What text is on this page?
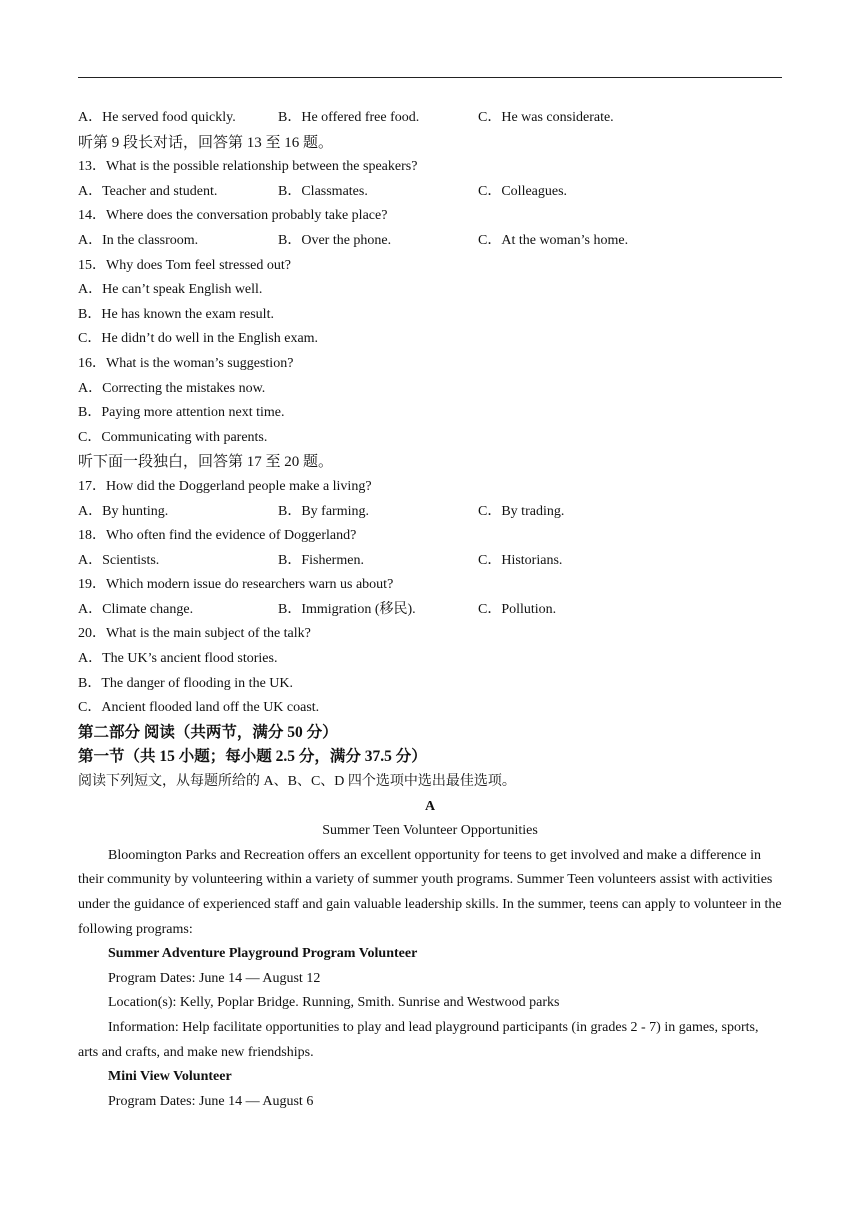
A．He served food quickly.	B．He offered free food.	C．He was considerate.
听第 9 段长对话，回答第 13 至 16 题。
13．What is the possible relationship between the speakers?
A．Teacher and student.	B．Classmates.	C．Colleagues.
14．Where does the conversation probably take place?
A．In the classroom.	B．Over the phone.	C．At the woman’s home.
15．Why does Tom feel stressed out?
A．He can’t speak English well.
B．He has known the exam result.
C．He didn’t do well in the English exam.
16．What is the woman’s suggestion?
A．Correcting the mistakes now.
B．Paying more attention next time.
C．Communicating with parents.
听下面一段独白，回答第 17 至 20 题。
17．How did the Doggerland people make a living?
A．By hunting.	B．By farming.	C．By trading.
18．Who often find the evidence of Doggerland?
A．Scientists.	B．Fishermen.	C．Historians.
19．Which modern issue do researchers warn us about?
A．Climate change.	B．Immigration (移民).	C．Pollution.
20．What is the main subject of the talk?
A．The UK’s ancient flood stories.
B．The danger of flooding in the UK.
C．Ancient flooded land off the UK coast.
第二部分 阅读（共两节，满分 50 分）
第一节（共 15 小题；每小题 2.5 分，满分 37.5 分）
阅读下列短文，从每题所给的 A、B、C、D 四个选项中选出最佳选项。
A
Summer Teen Volunteer Opportunities
Bloomington Parks and Recreation offers an excellent opportunity for teens to get involved and make a difference in their community by volunteering within a variety of summer youth programs. Summer Teen volunteers assist with activities under the guidance of experienced staff and gain valuable leadership skills. In the summer, teens can apply to volunteer in the following programs:
Summer Adventure Playground Program Volunteer
Program Dates: June 14 — August 12
Location(s): Kelly, Poplar Bridge. Running, Smith. Sunrise and Westwood parks
Information: Help facilitate opportunities to play and lead playground participants (in grades 2 - 7) in games, sports, arts and crafts, and make new friendships.
Mini View Volunteer
Program Dates: June 14 — August 6
